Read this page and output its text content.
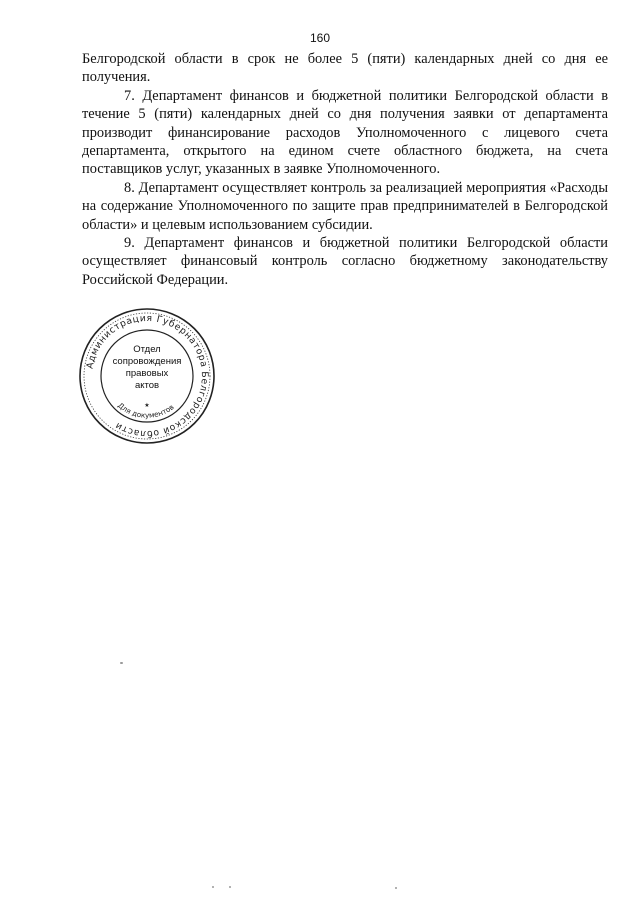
160

Белгородской области в срок не более 5 (пяти) календарных дней со дня ее получения.

7. Департамент финансов и бюджетной политики Белгородской области в течение 5 (пяти) календарных дней со дня получения заявки от департамента производит финансирование расходов Уполномоченного с лицевого счета департамента, открытого на едином счете областного бюджета, на счета поставщиков услуг, указанных в заявке Уполномоченного.

8. Департамент осуществляет контроль за реализацией мероприятия «Расходы на содержание Уполномоченного по защите прав предпринимателей в Белгородской области» и целевым использованием субсидии.

9. Департамент финансов и бюджетной политики Белгородской области осуществляет финансовый контроль согласно бюджетному законодательству Российской Федерации.

Администрация Губернатора Белгородской области
Для документов
Отдел
сопровождения
правовых
актов
★
